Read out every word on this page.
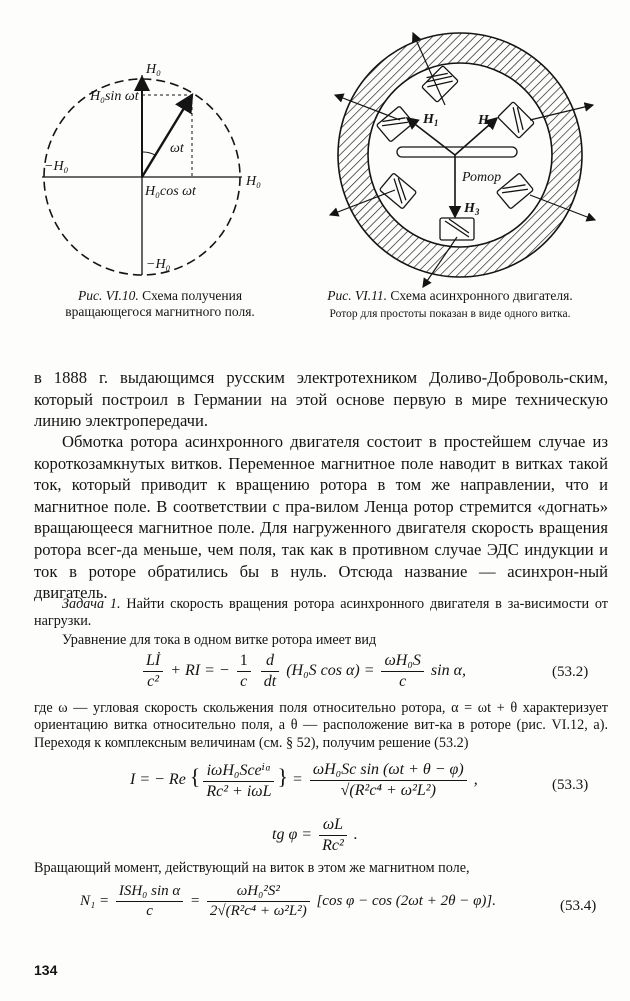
H₀
H₀sin ωt
ωt
−H₀
H₀cos ωt
H₀
−H₀
Рис. VI.10. Схема получения вращающегося магнитного поля.
$H_1$	$H_2$
$H_3$
Ротор
Рис. VI.11. Схема асинхронного двигателя.
Ротор для простоты показан в виде одного витка.
в 1888 г. выдающимся русским электротехником Доливо-Доброволь-ским, который построил в Германии на этой основе первую в мире техническую линию электропередачи.
Обмотка ротора асинхронного двигателя состоит в простейшем случае из короткозамкнутых витков. Переменное магнитное поле наводит в витках такой ток, который приводит к вращению ротора в том же направлении, что и магнитное поле. В соответствии с пра-вилом Ленца ротор стремится «догнать» вращающееся магнитное поле. Для нагруженного двигателя скорость вращения ротора всег-да меньше, чем поля, так как в противном случае ЭДС индукции и ток в роторе обратились бы в нуль. Отсюда название — асинхрон-ный двигатель.
Задача 1. Найти скорость вращения ротора асинхронного двигателя в за-висимости от нагрузки.
Уравнение для тока в одном витке ротора имеет вид
$\frac{Lİ}{\text{c²}}$ + RI = − $\frac{1}{c}$
$\frac{d}{dt} (H_0S$ $\cos \alpha) = \frac{\text{ωH₀S}}{c}$ sin α,	(53.2)
где ω — угловая скорость скольжения поля относительно ротора, α = ωt + θ характеризует ориентацию витка относительно поля, а θ — расположение вит-ка в роторе (рис. VI.12, а). Переходя к комплексным величинам (см. § 52), получим решение (53.2)
I = − Re { $\frac{\text{iωH₀Sceⁱᵅ}}{\text{Rc² + iωL}}$ } = $\frac{\text{ωH₀Sc sin (ωt + θ − φ)}}{\text{√(R²c⁴ + ω²L²)}}$ ,	(53.3)
tg $\varphi = \frac{\omega L}{\text{Rc²}}$ .
Вращающий момент, действующий на виток в этом же магнитном поле,
$N_1 = \frac{\text{ISH₀ sin α}}{c} = \frac{\text{ωH₀²S²}}{\text{2√(R²c⁴ + ω²L²)}} [\cos$ φ − cos (2ωt + 2θ − φ)].	(53.4)
134
